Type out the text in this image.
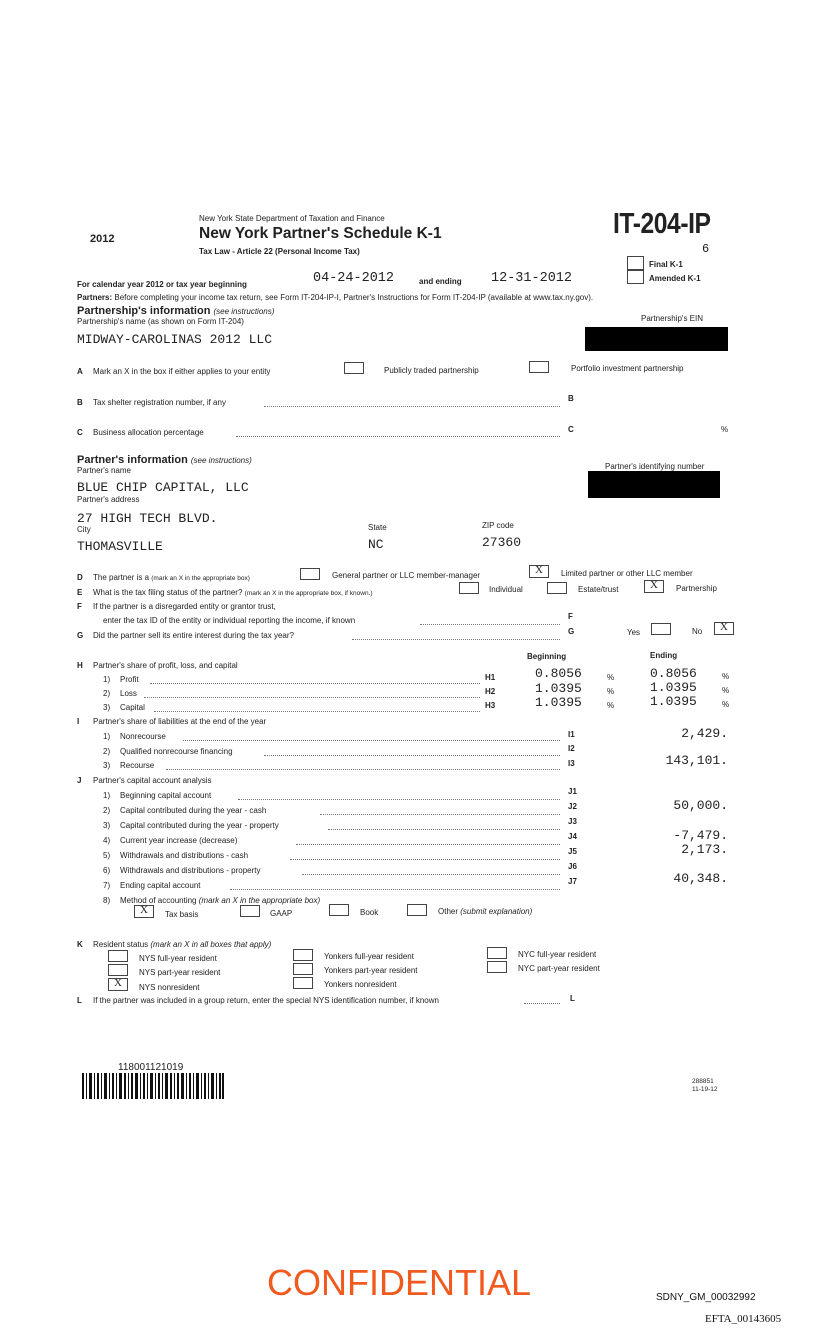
2012
New York State Department of Taxation and Finance
New York Partner's Schedule K-1
Tax Law - Article 22 (Personal Income Tax)
IT-204-IP
6
Final K-1
Amended K-1
For calendar year 2012 or tax year beginning	04-24-2012	and ending 12-31-2012
Partners: Before completing your income tax return, see Form IT-204-IP-I, Partner's Instructions for Form IT-204-IP (available at www.tax.ny.gov).
Partnership's information (see instructions)
Partnership's name (as shown on Form IT-204)	Partnership's EIN
MIDWAY-CAROLINAS 2012 LLC
A Mark an X in the box if either applies to your entity	Publicly traded partnership	Portfolio investment partnership
B Tax shelter registration number, if any	B
C Business allocation percentage	C	%
Partner's information (see instructions)
Partner's name	Partner's identifying number
BLUE CHIP CAPITAL, LLC
Partner's address
27 HIGH TECH BLVD.
City	State	ZIP code
THOMASVILLE	NC	27360
D The partner is a (mark an X in the appropriate box)	General partner or LLC member-manager	X	Limited partner or other LLC member
E What is the tax filing status of the partner? (mark an X in the appropriate box, if known.)	Individual	Estate/trust	X	Partnership
F If the partner is a disregarded entity or grantor trust,
enter the tax ID of the entity or individual reporting the income, if known	F
G Did the partner sell its entire interest during the tax year?	G	Yes	No	X
Beginning	Ending
H Partner's share of profit, loss, and capital
1) Profit	H1	0.8056	%	0.8056	%
2) Loss	H2	1.0395	%	1.0395	%
3) Capital	H3	1.0395	%	1.0395	%
I Partner's share of liabilities at the end of the year
1) Nonrecourse	I1	2,429.
2) Qualified nonrecourse financing	I2
3) Recourse	I3	143,101.
J Partner's capital account analysis
1) Beginning capital account	J1
2) Capital contributed during the year - cash	J2	50,000.
3) Capital contributed during the year - property	J3
4) Current year increase (decrease)	J4	-7,479.
5) Withdrawals and distributions - cash	J5	2,173.
6) Withdrawals and distributions - property	J6
7) Ending capital account	J7	40,348.
8) Method of accounting (mark an X in the appropriate box)
X	Tax basis	GAAP	Book	Other (submit explanation)
K Resident status (mark an X in all boxes that apply)
NYS full-year resident
NYS part-year resident
X	NYS nonresident
Yonkers full-year resident
Yonkers part-year resident
Yonkers nonresident
NYC full-year resident
NYC part-year resident
L If the partner was included in a group return, enter the special NYS identification number, if known	L
118001121019
288851
11-19-12
CONFIDENTIAL	SDNY_GM_00032992
EFTA_00143605
